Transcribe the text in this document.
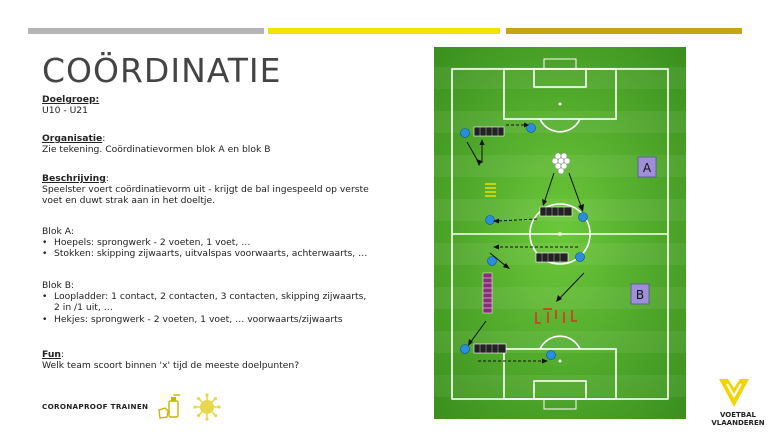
COÖRDINATIE

Doelgroep:

U10 - U21

Organisatie:

Zie tekening. Coördinatievormen blok A en blok B

Beschrijving:

Speelster voert coördinatievorm uit - krijgt de bal ingespeeld op verste

voet en duwt strak aan in het doeltje.

Blok A:

• Hoepels: sprongwerk - 2 voeten, 1 voet, …
• Stokken: skipping zijwaarts, uitvalspas voorwaarts, achterwaarts, …

Blok B:

• Loopladder: 1 contact, 2 contacten, 3 contacten, skipping zijwaarts,
2 in /1 uit, …
• Hekjes: sprongwerk - 2 voeten, 1 voet, … voorwaarts/zijwaarts

Fun:

Welk team scoort binnen 'x' tijd de meeste doelpunten?

CORONAPROOF TRAINEN
A
B
VOETBAL
VLAANDEREN
